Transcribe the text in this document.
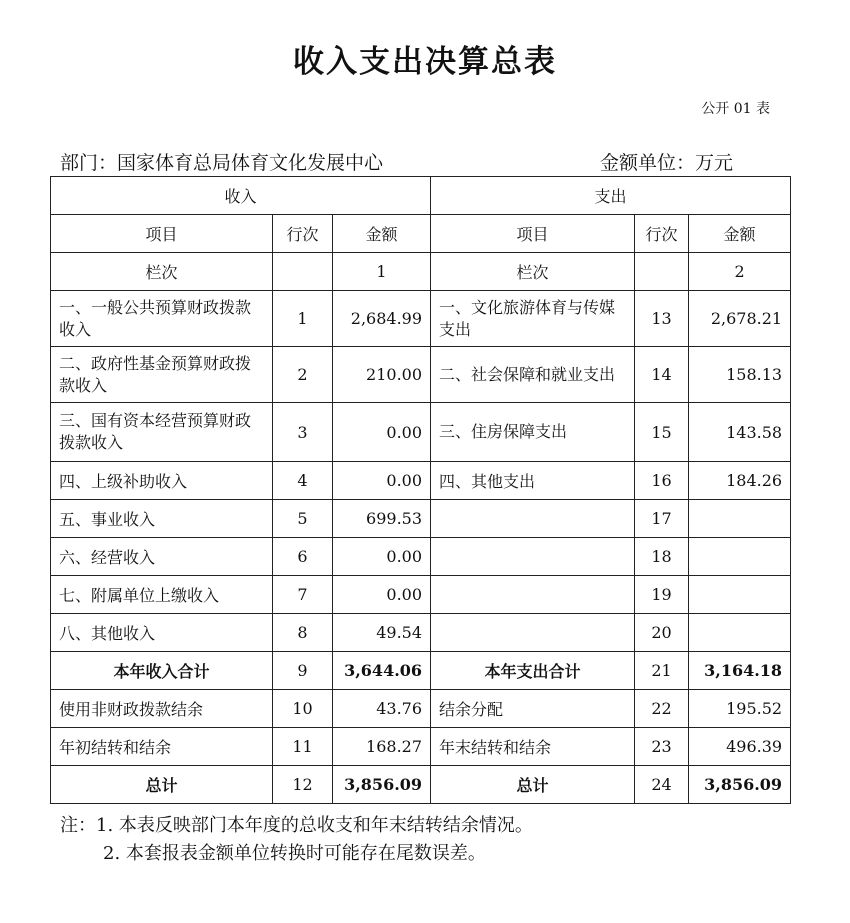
收入支出决算总表
公开 01 表
部门：国家体育总局体育文化发展中心	金额单位：万元
收入			支出		
项目	行次	金额	项目	行次	金额
栏次		1	栏次		2
一、一般公共预算财政拨款收入	1	2,684.99	一、文化旅游体育与传媒支出	13	2,678.21
二、政府性基金预算财政拨款收入	2	210.00	二、社会保障和就业支出	14	158.13
三、国有资本经营预算财政拨款收入	3	0.00	三、住房保障支出	15	143.58
四、上级补助收入	4	0.00	四、其他支出	16	184.26
五、事业收入	5	699.53		17	
六、经营收入	6	0.00		18	
七、附属单位上缴收入	7	0.00		19	
八、其他收入	8	49.54		20	
本年收入合计	9	3,644.06	本年支出合计	21	3,164.18
使用非财政拨款结余	10	43.76	结余分配	22	195.52
年初结转和结余	11	168.27	年末结转和结余	23	496.39
总计	12	3,856.09	总计	24	3,856.09
注：1. 本表反映部门本年度的总收支和年末结转结余情况。
2. 本套报表金额单位转换时可能存在尾数误差。
